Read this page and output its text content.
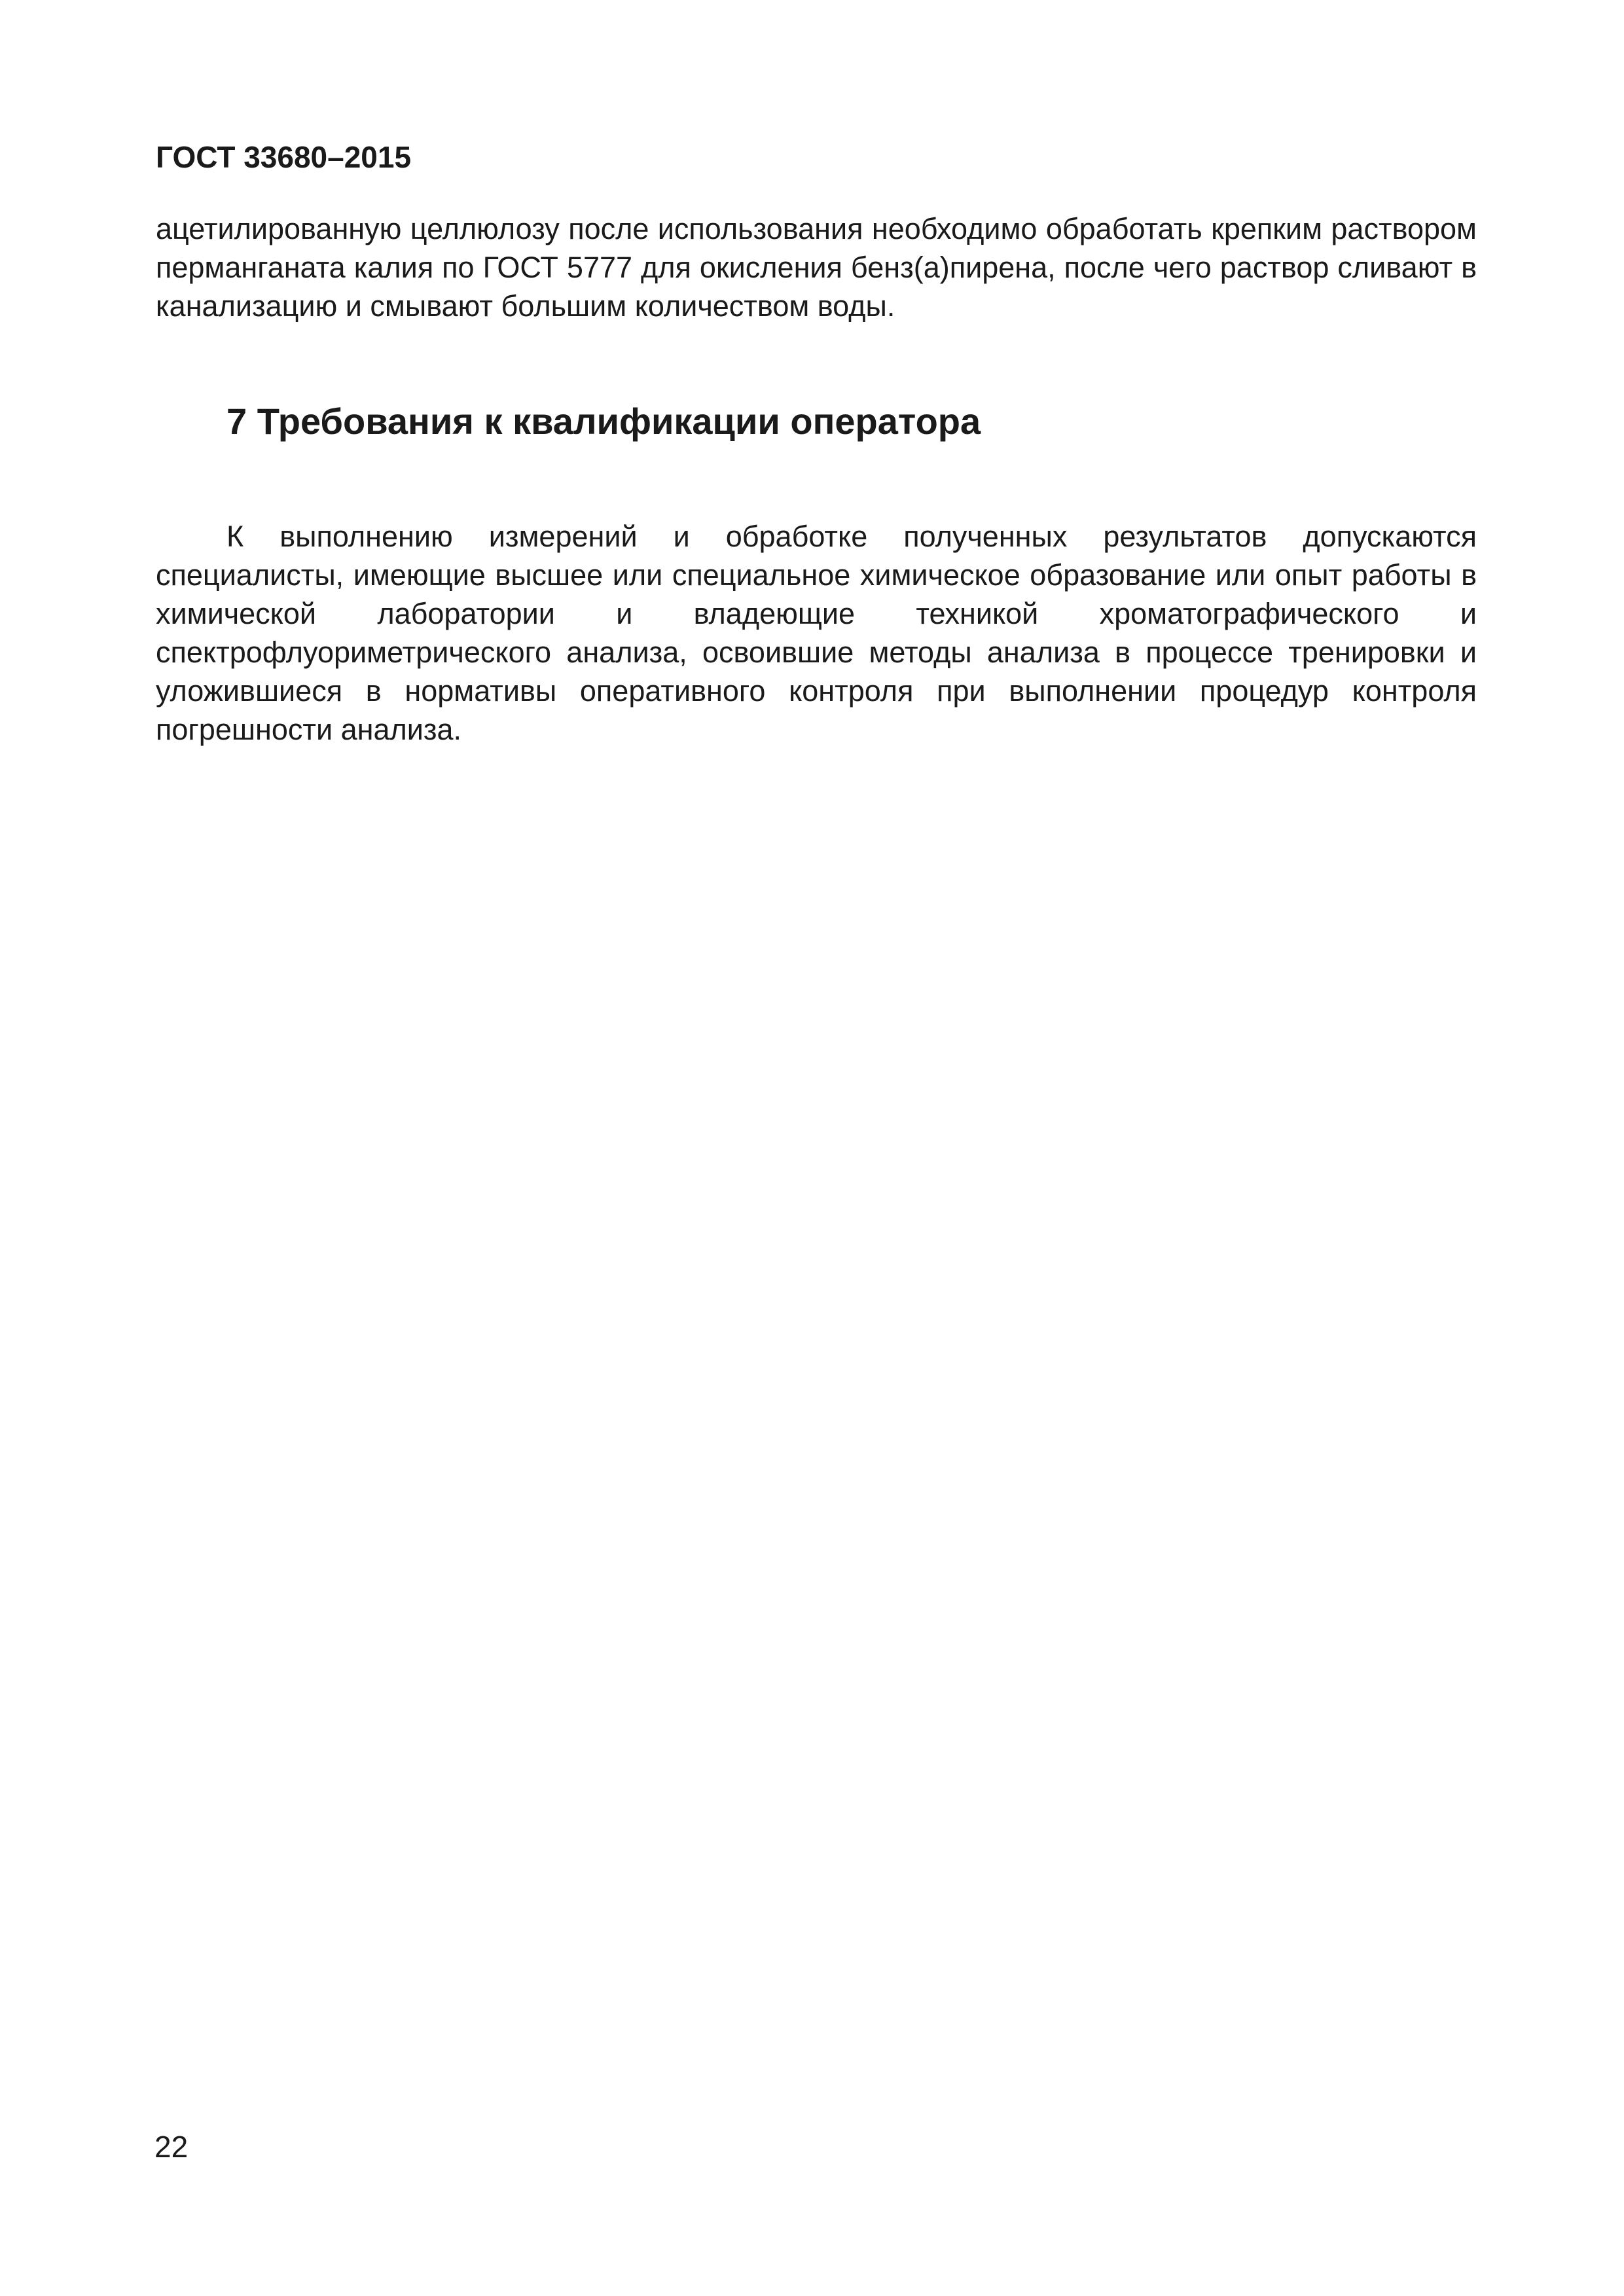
ГОСТ 33680–2015

ацетилированную целлюлозу после использования необходимо обработать крепким раствором перманганата калия по ГОСТ 5777 для окисления бенз(а)пирена, после чего раствор сливают в канализацию и смывают большим количеством воды.

7 Требования к квалификации оператора

К выполнению измерений и обработке полученных результатов допускаются специалисты, имеющие высшее или специальное химическое образование или опыт работы в химической лаборатории и владеющие техникой хроматографического и спектрофлуориметрического анализа, освоившие методы анализа в процессе тренировки и уложившиеся в нормативы оперативного контроля при выполнении процедур контроля погрешности анализа.

22
